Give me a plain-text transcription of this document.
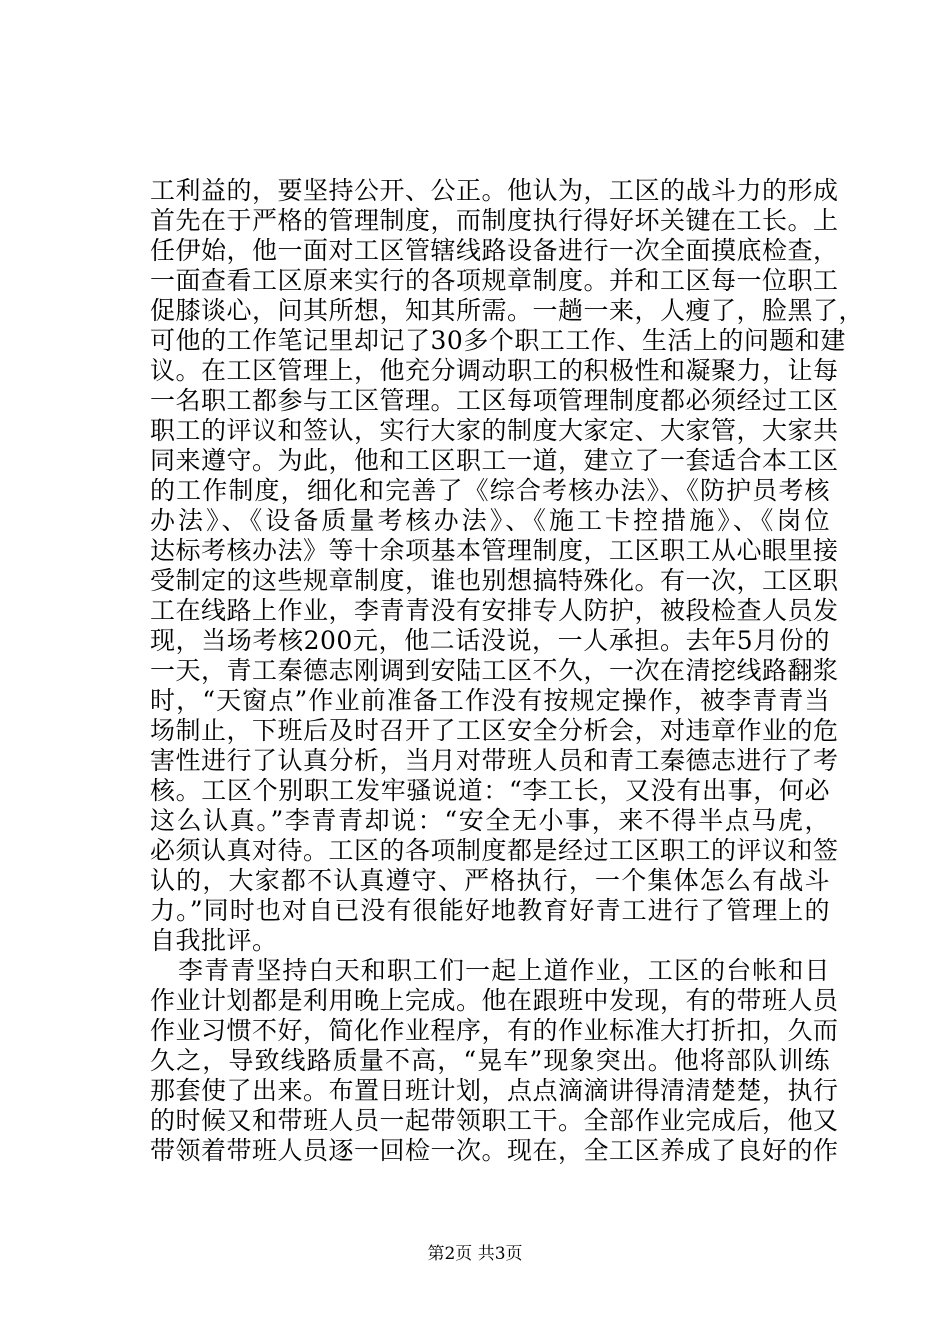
工利益的，要坚持公开、公正。他认为，工区的战斗力的形成
首先在于严格的管理制度，而制度执行得好坏关键在工长。上
任伊始，他一面对工区管辖线路设备进行一次全面摸底检查，
一面查看工区原来实行的各项规章制度。并和工区每一位职工
促膝谈心，问其所想，知其所需。一趟一来，人瘦了，脸黑了，
可他的工作笔记里却记了30多个职工工作、生活上的问题和建
议。在工区管理上，他充分调动职工的积极性和凝聚力，让每
一名职工都参与工区管理。工区每项管理制度都必须经过工区
职工的评议和签认，实行大家的制度大家定、大家管，大家共
同来遵守。为此，他和工区职工一道，建立了一套适合本工区
的工作制度，细化和完善了《综合考核办法》、《防护员考核
办法》、《设备质量考核办法》、《施工卡控措施》、《岗位
达标考核办法》等十余项基本管理制度，工区职工从心眼里接
受制定的这些规章制度，谁也别想搞特殊化。有一次，工区职
工在线路上作业，李青青没有安排专人防护，被段检查人员发
现，当场考核200元，他二话没说，一人承担。去年5月份的
一天，青工秦德志刚调到安陆工区不久，一次在清挖线路翻浆
时，“天窗点”作业前准备工作没有按规定操作，被李青青当
场制止，下班后及时召开了工区安全分析会，对违章作业的危
害性进行了认真分析，当月对带班人员和青工秦德志进行了考
核。工区个别职工发牢骚说道：“李工长，又没有出事，何必
这么认真。”李青青却说：“安全无小事，来不得半点马虎，
必须认真对待。工区的各项制度都是经过工区职工的评议和签
认的，大家都不认真遵守、严格执行，一个集体怎么有战斗
力。”同时也对自已没有很能好地教育好青工进行了管理上的
自我批评。
李青青坚持白天和职工们一起上道作业，工区的台帐和日
作业计划都是利用晚上完成。他在跟班中发现，有的带班人员
作业习惯不好，简化作业程序，有的作业标准大打折扣，久而
久之，导致线路质量不高，“晃车”现象突出。他将部队训练
那套使了出来。布置日班计划，点点滴滴讲得清清楚楚，执行
的时候又和带班人员一起带领职工干。全部作业完成后，他又
带领着带班人员逐一回检一次。现在，全工区养成了良好的作
第2页 共3页
